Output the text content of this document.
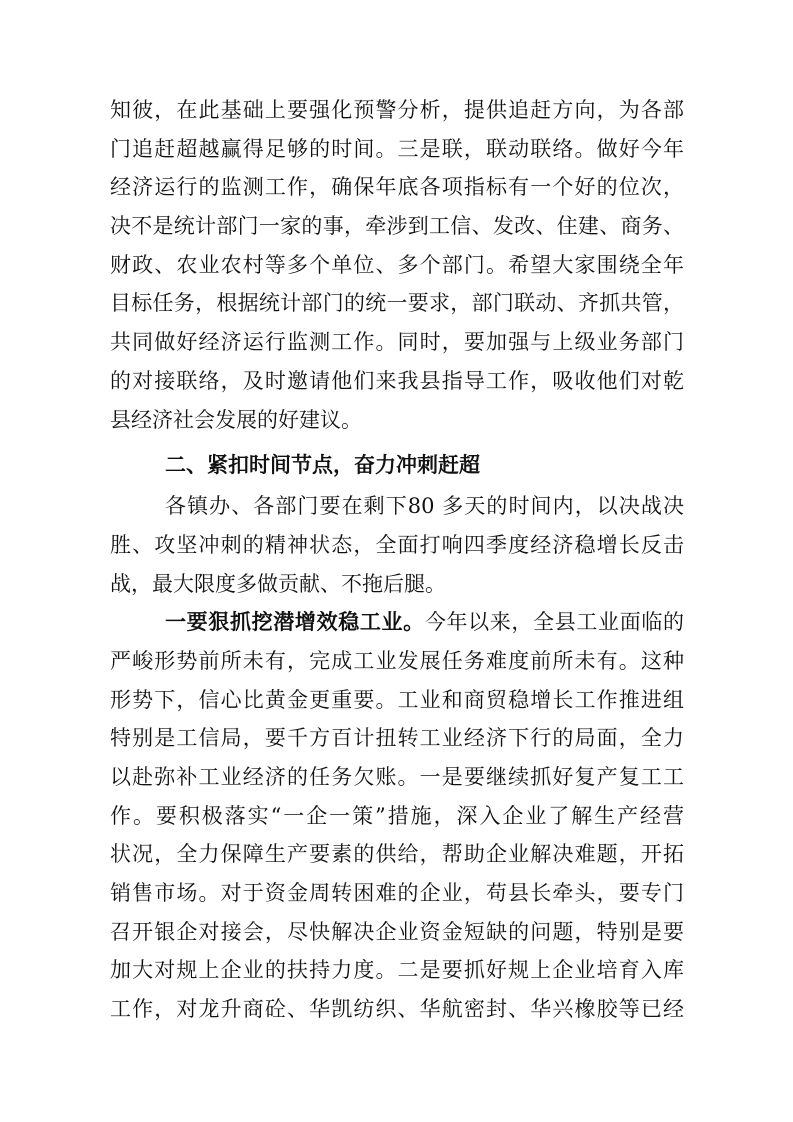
知彼，在此基础上要强化预警分析，提供追赶方向，为各部
门追赶超越赢得足够的时间。三是联，联动联络。做好今年
经济运行的监测工作，确保年底各项指标有一个好的位次，
决不是统计部门一家的事，牵涉到工信、发改、住建、商务、
财政、农业农村等多个单位、多个部门。希望大家围绕全年
目标任务，根据统计部门的统一要求，部门联动、齐抓共管，
共同做好经济运行监测工作。同时，要加强与上级业务部门
的对接联络，及时邀请他们来我县指导工作，吸收他们对乾
县经济社会发展的好建议。
二、紧扣时间节点，奋力冲刺赶超
各镇办、各部门要在剩下80 多天的时间内，以决战决
胜、攻坚冲刺的精神状态，全面打响四季度经济稳增长反击
战，最大限度多做贡献、不拖后腿。
一要狠抓挖潜增效稳工业。今年以来，全县工业面临的
严峻形势前所未有，完成工业发展任务难度前所未有。这种
形势下，信心比黄金更重要。工业和商贸稳增长工作推进组
特别是工信局，要千方百计扭转工业经济下行的局面，全力
以赴弥补工业经济的任务欠账。一是要继续抓好复产复工工
作。要积极落实“一企一策”措施，深入企业了解生产经营
状况，全力保障生产要素的供给，帮助企业解决难题，开拓
销售市场。对于资金周转困难的企业，苟县长牵头，要专门
召开银企对接会，尽快解决企业资金短缺的问题，特别是要
加大对规上企业的扶持力度。二是要抓好规上企业培育入库
工作，对龙升商砼、华凯纺织、华航密封、华兴橡胶等已经
